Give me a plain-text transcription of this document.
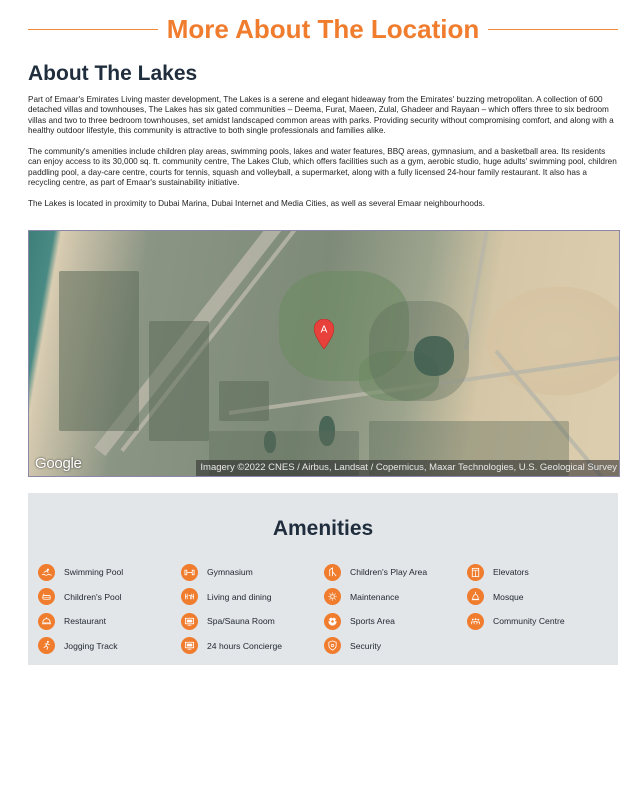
More About The Location
About The Lakes

Part of Emaar's Emirates Living master development, The Lakes is a serene and elegant hideaway from the Emirates' buzzing metropolitan. A collection of 600 detached villas and townhouses, The Lakes has six gated communities – Deema, Furat, Maeen, Zulal, Ghadeer and Rayaan – which offers three to six bedroom villas and two to three bedroom townhouses, set amidst landscaped common areas with parks. Providing security without compromising comfort, and along with a healthy outdoor lifestyle, this community is attractive to both single professionals and families alike.

The community's amenities include children play areas, swimming pools, lakes and water features, BBQ areas, gymnasium, and a basketball area. Its residents can enjoy access to its 30,000 sq. ft. community centre, The Lakes Club, which offers facilities such as a gym, aerobic studio, huge adults' swimming pool, children paddling pool, a day-care centre, courts for tennis, squash and volleyball, a supermarket, along with a fully licensed 24-hour family restaurant. It also has a recycling centre, as part of Emaar's sustainability initiative.

The Lakes is located in proximity to Dubai Marina, Dubai Internet and Media Cities, as well as several Emaar neighbourhoods.

A
Google	Imagery ©2022 CNES / Airbus, Landsat / Copernicus, Maxar Technologies, U.S. Geological Survey
Amenities
Swimming Pool	Gymnasium	Children's Play Area	Elevators
Children's Pool	Living and dining	Maintenance	Mosque
Restaurant	Spa/Sauna Room	Sports Area	Community Centre
Jogging Track	24 hours Concierge	Security
